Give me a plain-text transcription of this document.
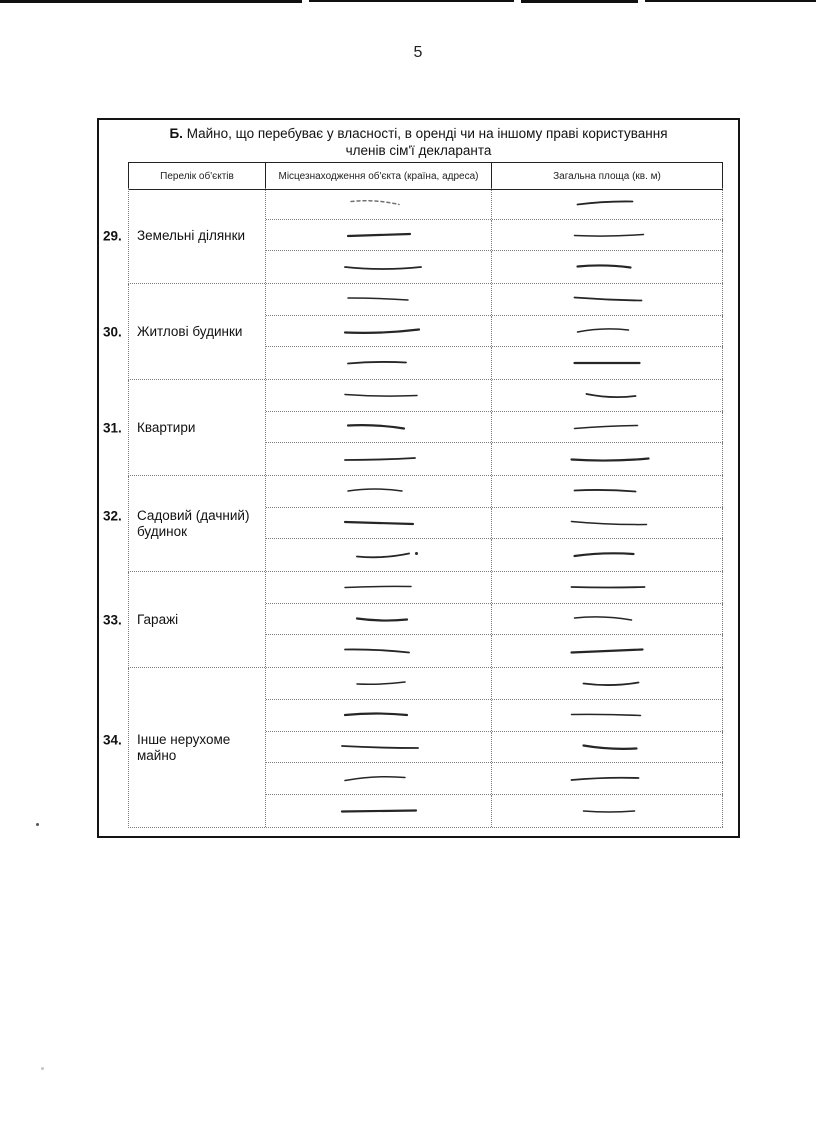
5
Б. Майно, що перебуває у власності, в оренді чи на іншому праві користування
членів сім'ї декларанта
Перелік об'єктів	Місцезнаходження об'єкта (країна, адреса)	Загальна площа (кв. м)
29.	Земельні ділянки
30.	Житлові будинки
31.	Квартири
32.	Садовий (дачний) будинок
33.	Гаражі
34.	Інше нерухоме майно
